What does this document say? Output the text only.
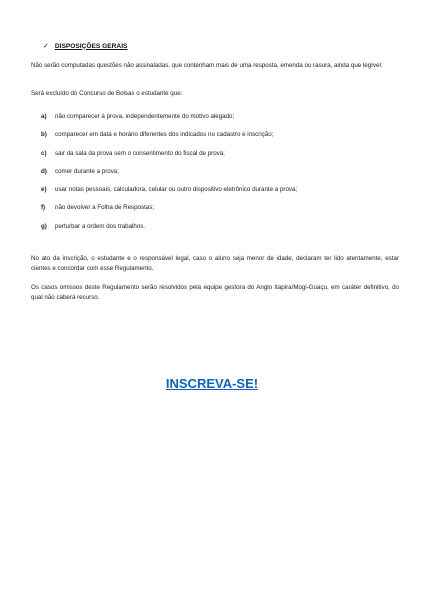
✓ DISPOSIÇÕES GERAIS

Não serão computadas questões não assinaladas, que contenham mais de uma resposta, emenda ou rasura, ainda que legível.

Será excluído do Concurso de Bolsas o estudante que:

a)	não comparecer à prova, independentemente do motivo alegado;
b)	comparecer em data e horário diferentes dos indicados no cadastro e inscrição;
c)	sair da sala da prova sem o consentimento do fiscal de prova;
d)	comer durante a prova;
e)	usar notas pessoais, calculadora, celular ou outro dispositivo eletrônico durante a prova;
f)	não devolver a Folha de Respostas;
g)	perturbar a ordem dos trabalhos.

No ato da inscrição, o estudante e o responsável legal, caso o aluno seja menor de idade, declaram ter lido atentamente, estar cientes e concordar com esse Regulamento.

Os casos omissos deste Regulamento serão resolvidos pela equipe gestora do Anglo Itapira/Mogi-Guaçu, em caráter definitivo, do qual não caberá recurso.

INSCREVA-SE!
